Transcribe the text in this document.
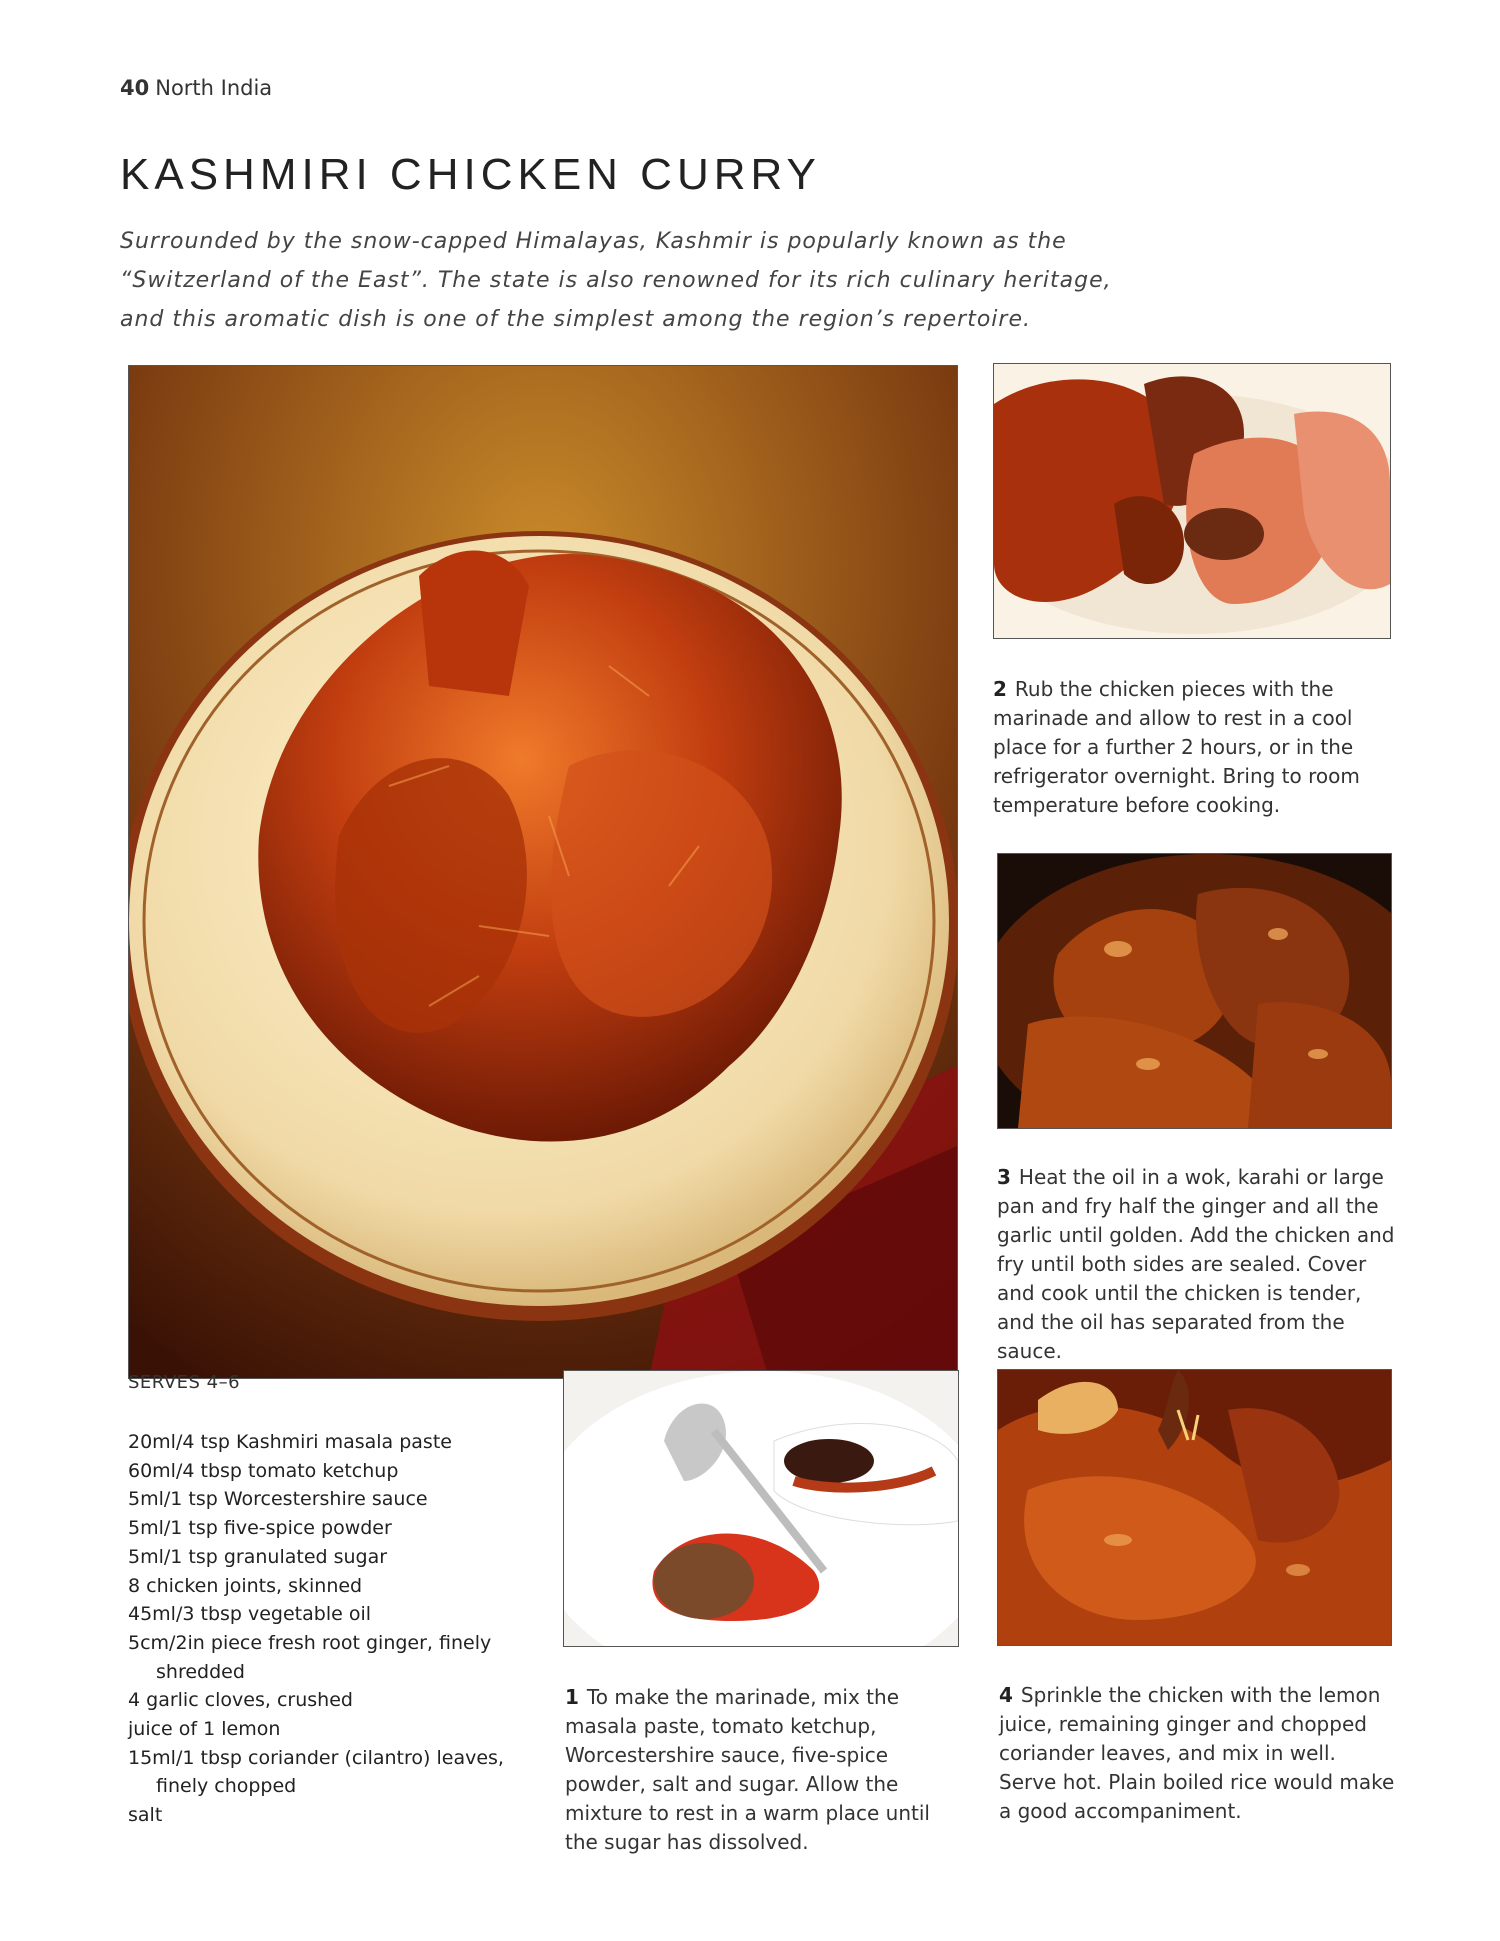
40 North India
KASHMIRI CHICKEN CURRY

Surrounded by the snow-capped Himalayas, Kashmir is popularly known as the “Switzerland of the East”. The state is also renowned for its rich culinary heritage, and this aromatic dish is one of the simplest among the region’s repertoire.

2 Rub the chicken pieces with the marinade and allow to rest in a cool place for a further 2 hours, or in the refrigerator overnight. Bring to room temperature before cooking.

3 Heat the oil in a wok, karahi or large pan and fry half the ginger and all the garlic until golden. Add the chicken and fry until both sides are sealed. Cover and cook until the chicken is tender, and the oil has separated from the sauce.

1 To make the marinade, mix the masala paste, tomato ketchup, Worcestershire sauce, five-spice powder, salt and sugar. Allow the mixture to rest in a warm place until the sugar has dissolved.

4 Sprinkle the chicken with the lemon juice, remaining ginger and chopped coriander leaves, and mix in well. Serve hot. Plain boiled rice would make a good accompaniment.

SERVES 4–6
20ml/4 tsp Kashmiri masala paste
60ml/4 tbsp tomato ketchup
5ml/1 tsp Worcestershire sauce
5ml/1 tsp five-spice powder
5ml/1 tsp granulated sugar
8 chicken joints, skinned
45ml/3 tbsp vegetable oil
5cm/2in piece fresh root ginger, finely shredded
4 garlic cloves, crushed
juice of 1 lemon
15ml/1 tbsp coriander (cilantro) leaves, finely chopped
salt
